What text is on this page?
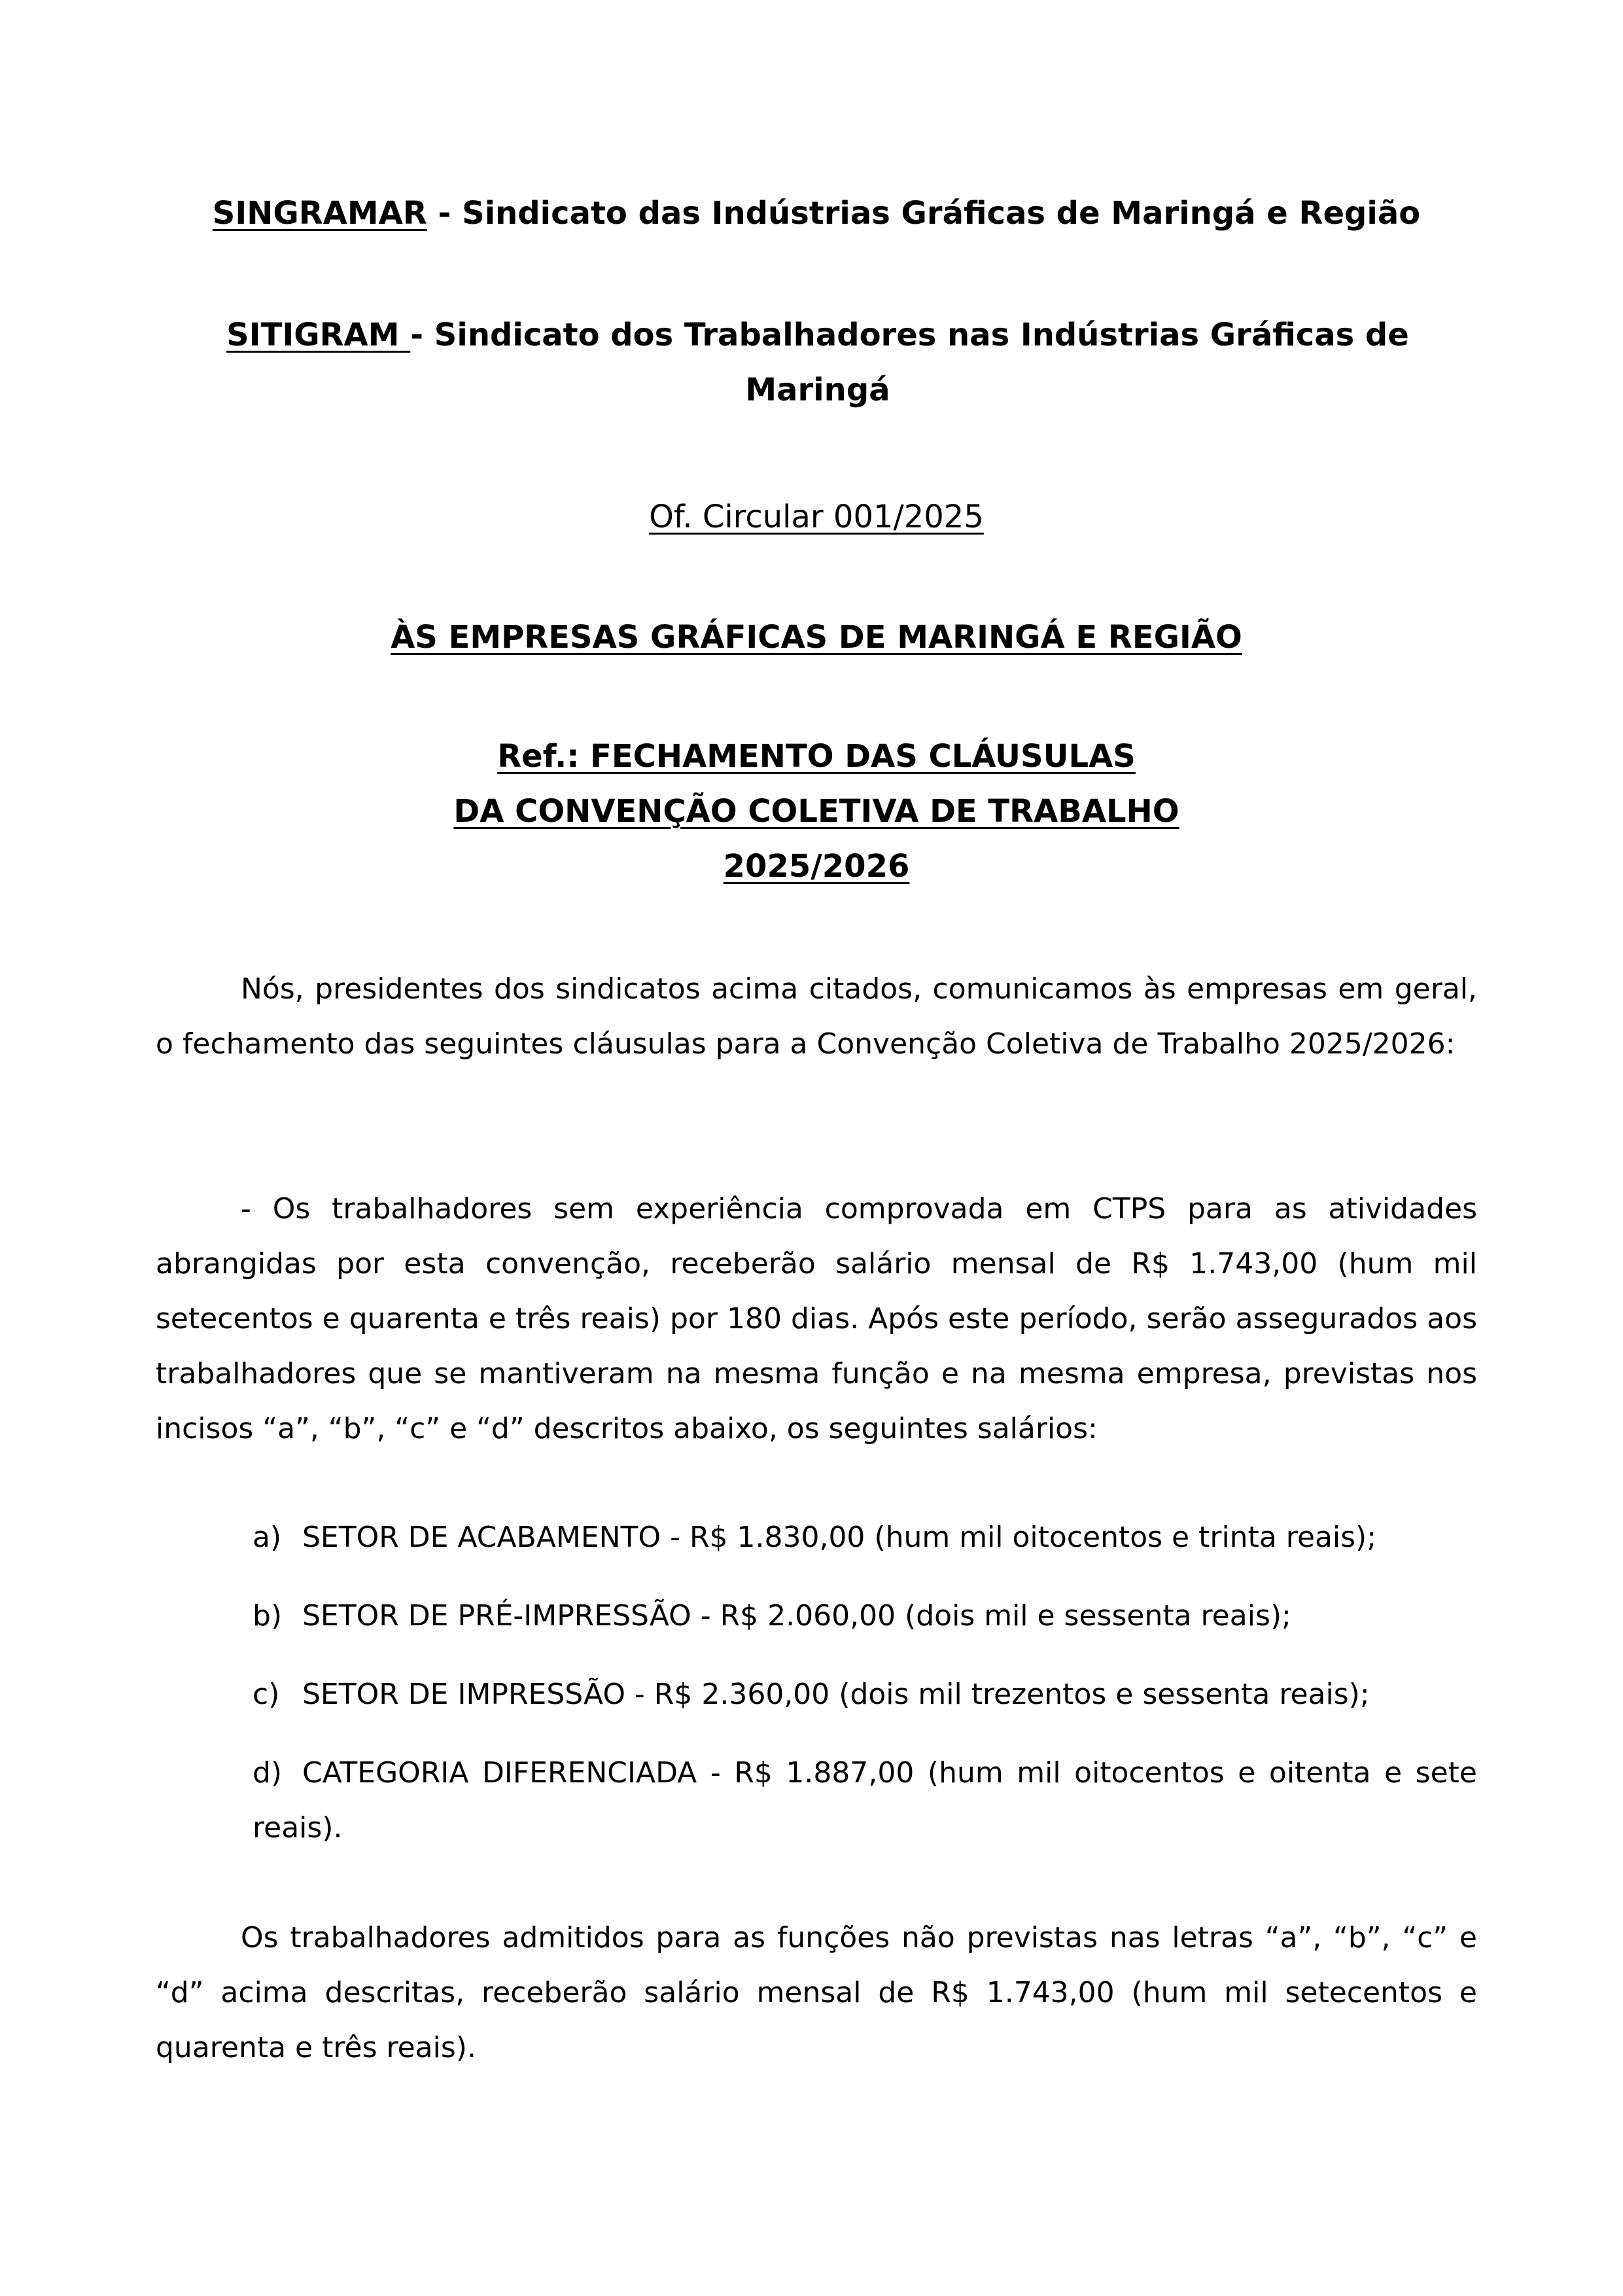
SINGRAMAR - Sindicato das Indústrias Gráficas de Maringá e Região
SITIGRAM - Sindicato dos Trabalhadores nas Indústrias Gráficas de Maringá
Of. Circular 001/2025
ÀS EMPRESAS GRÁFICAS DE MARINGÁ E REGIÃO
Ref.: FECHAMENTO DAS CLÁUSULAS
DA CONVENÇÃO COLETIVA DE TRABALHO
2025/2026
Nós, presidentes dos sindicatos acima citados, comunicamos às empresas em geral, o fechamento das seguintes cláusulas para a Convenção Coletiva de Trabalho 2025/2026:
- Os trabalhadores sem experiência comprovada em CTPS para as atividades abrangidas por esta convenção, receberão salário mensal de R$ 1.743,00 (hum mil setecentos e quarenta e três reais) por 180 dias. Após este período, serão assegurados aos trabalhadores que se mantiveram na mesma função e na mesma empresa, previstas nos incisos “a”, “b”, “c” e “d” descritos abaixo, os seguintes salários:
a) SETOR DE ACABAMENTO - R$ 1.830,00 (hum mil oitocentos e trinta reais);
b) SETOR DE PRÉ-IMPRESSÃO - R$ 2.060,00 (dois mil e sessenta reais);
c) SETOR DE IMPRESSÃO - R$ 2.360,00 (dois mil trezentos e sessenta reais);
d) CATEGORIA DIFERENCIADA - R$ 1.887,00 (hum mil oitocentos e oitenta e sete reais).
Os trabalhadores admitidos para as funções não previstas nas letras “a”, “b”, “c” e “d” acima descritas, receberão salário mensal de R$ 1.743,00 (hum mil setecentos e quarenta e três reais).
